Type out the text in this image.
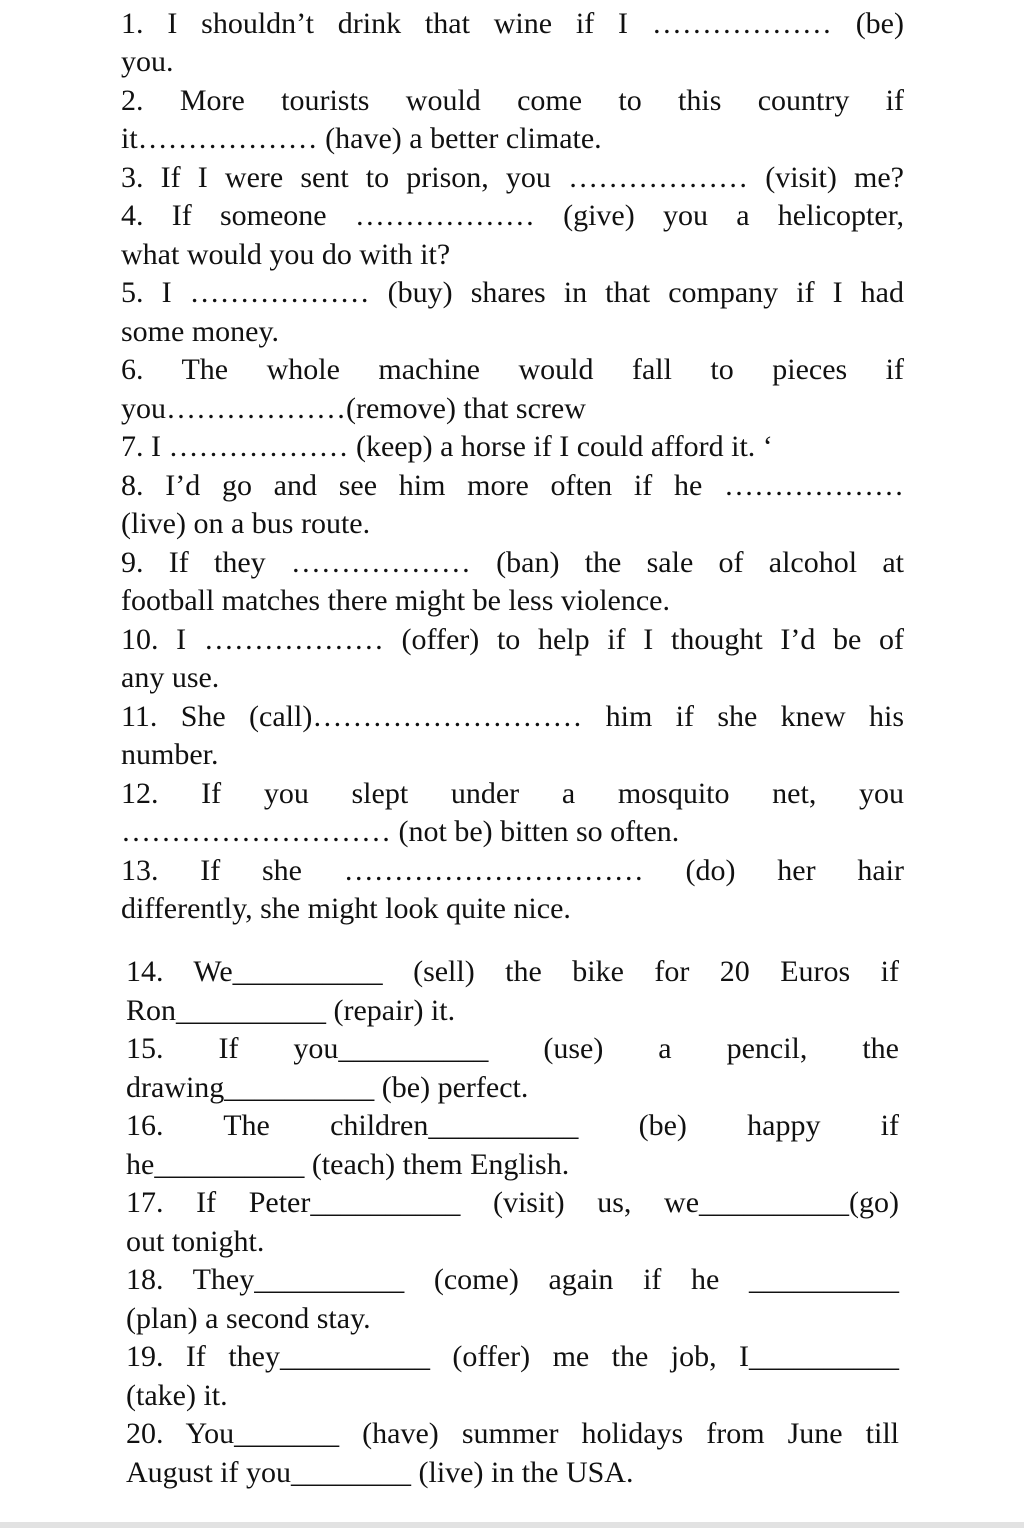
1. I shouldn’t drink that wine if I ……………… (be)
you.
2. More tourists would come to this country if
it……………… (have) a better climate.
3. If I were sent to prison, you ……………… (visit) me?
4. If someone ……………… (give) you a helicopter,
what would you do with it?
5. I ……………… (buy) shares in that company if I had
some money.
6. The whole machine would fall to pieces if
you………………(remove) that screw
7. I ……………… (keep) a horse if I could afford it. ‘
8. I’d go and see him more often if he ………………
(live) on a bus route.
9. If they ……………… (ban) the sale of alcohol at
football matches there might be less violence.
10. I ……………… (offer) to help if I thought I’d be of
any use.
11. She (call)……………………… him if she knew his
number.
12. If you slept under a mosquito net, you
……………………… (not be) bitten so often.
13. If she ………………………… (do) her hair
differently, she might look quite nice.
14. We__________ (sell) the bike for 20 Euros if
Ron__________ (repair) it.
15. If you__________ (use) a pencil, the
drawing__________ (be) perfect.
16. The children__________ (be) happy if
he__________ (teach) them English.
17. If Peter__________ (visit) us, we__________(go)
out tonight.
18. They__________ (come) again if he __________
(plan) a second stay.
19. If they__________ (offer) me the job, I__________
(take) it.
20. You_______ (have) summer holidays from June till
August if you________ (live) in the USA.
